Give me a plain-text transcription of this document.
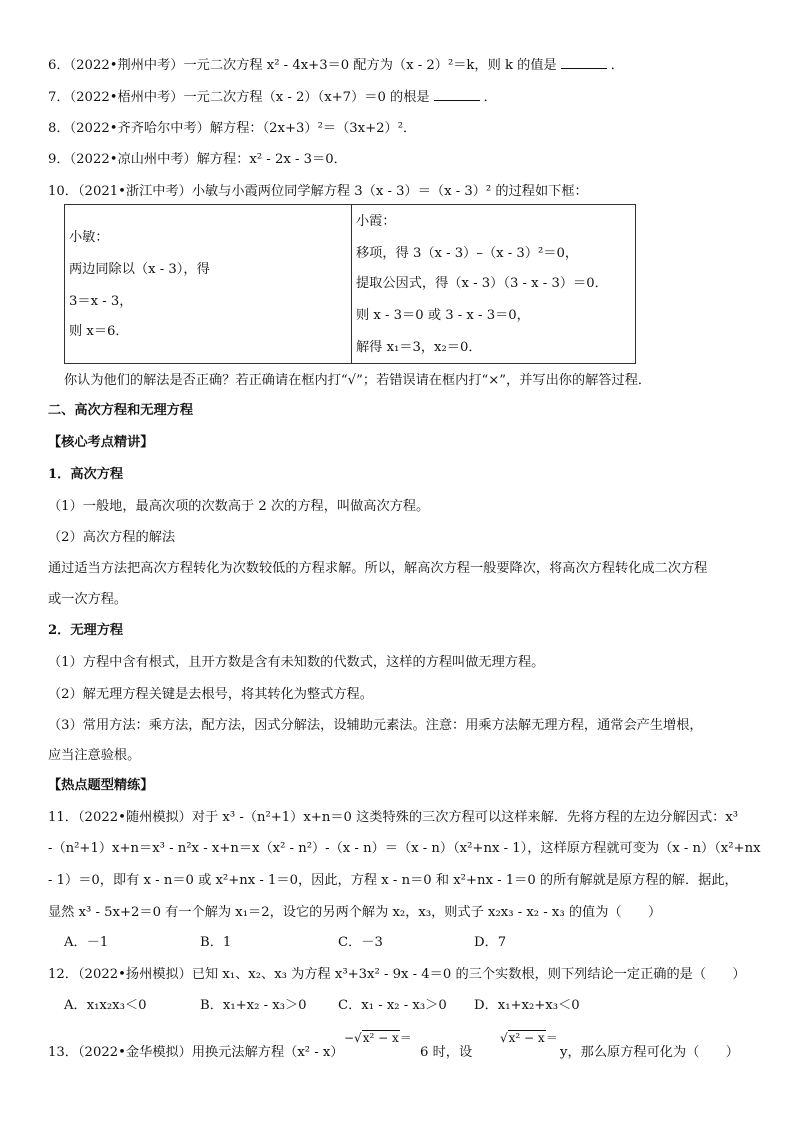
6．（2022•荆州中考）一元二次方程 x² - 4x+3＝0 配方为（x - 2）²＝k，则 k 的值是	．
7．（2022•梧州中考）一元二次方程（x - 2）（x+7）＝0 的根是	．
8．（2022•齐齐哈尔中考）解方程：（2x+3）²＝（3x+2）²．
9．（2022•凉山州中考）解方程：x² - 2x - 3＝0．
10．（2021•浙江中考）小敏与小霞两位同学解方程 3（x - 3）＝（x - 3）² 的过程如下框：
小敏：
两边同除以（x - 3），得
3＝x - 3，
则 x＝6．

小霞：
移项，得 3（x - 3）–（x - 3）²＝0，
提取公因式，得（x - 3）（3 - x - 3）＝0．
则 x - 3＝0 或 3 - x - 3＝0，
解得 x₁＝3，x₂＝0．
你认为他们的解法是否正确？若正确请在框内打“√”；若错误请在框内打“×”，并写出你的解答过程．
二、高次方程和无理方程
【核心考点精讲】
1．高次方程
（1）一般地，最高次项的次数高于 2 次的方程，叫做高次方程。
（2）高次方程的解法
通过适当方法把高次方程转化为次数较低的方程求解。所以，解高次方程一般要降次，将高次方程转化成二次方程
或一次方程。
2．无理方程
（1）方程中含有根式，且开方数是含有未知数的代数式，这样的方程叫做无理方程。
（2）解无理方程关键是去根号，将其转化为整式方程。
（3）常用方法：乘方法，配方法，因式分解法，设辅助元素法。注意：用乘方法解无理方程，通常会产生增根，
应当注意验根。
【热点题型精练】
11．（2022•随州模拟）对于 x³ -（n²+1）x+n＝0 这类特殊的三次方程可以这样来解．先将方程的左边分解因式：x³
-（n²+1）x+n＝x³ - n²x - x+n＝x（x² - n²）-（x - n）＝（x - n）（x²+nx - 1），这样原方程就可变为（x - n）（x²+nx
- 1）＝0，即有 x - n＝0 或 x²+nx - 1＝0，因此，方程 x - n＝0 和 x²+nx - 1＝0 的所有解就是原方程的解．据此，
显然 x³ - 5x+2＝0 有一个解为 x₁＝2，设它的另两个解为 x₂，x₃，则式子 x₂x₃ - x₂ - x₃ 的值为（　　）
A．－1	B．1	C．－3	D．7
12．（2022•扬州模拟）已知 x₁、x₂、x₃ 为方程 x³+3x² - 9x - 4＝0 的三个实数根，则下列结论一定正确的是（　　）
A．x₁x₂x₃＜0	B．x₁+x₂ - x₃＞0 C．x₁ - x₂ - x₃＞0 D．x₁+x₂+x₃＜0
13．（2022•金华模拟）用换元法解方程（x² - x）
−√x² − x＝
6 时，设
√x² − x＝
y，那么原方程可化为（　　）
